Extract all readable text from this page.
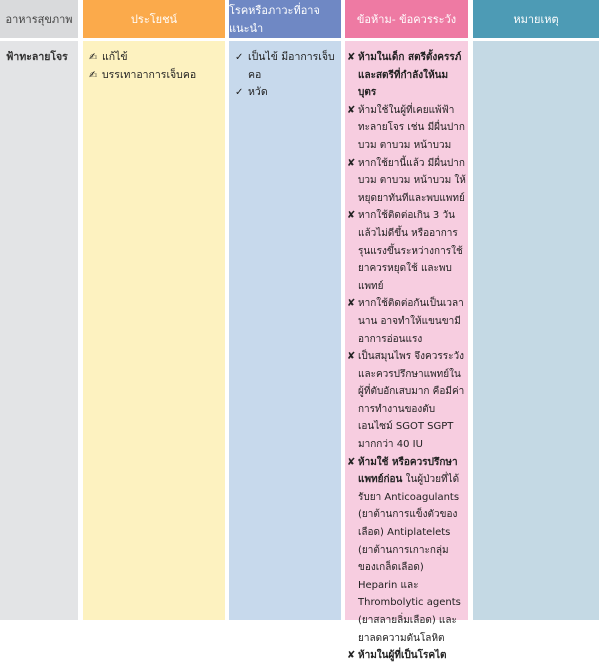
อาหารสุขภาพ
ฟ้าทะลายโจร
ประโยชน์
✍ แก้ไข้
✍ บรรเทาอาการเจ็บคอ
โรคหรือภาวะที่อาจแนะนำ
✓ เป็นไข้ มีอาการเจ็บคอ
✓ หวัด
ข้อห้าม- ข้อควรระวัง
✘ ห้ามในเด็ก สตรีตั้งครรภ์และสตรีที่กำลังให้นมบุตร
✘ ห้ามใช้ในผู้ที่เคยแพ้ฟ้าทะลายโจร เช่น มีผื่นปากบวม ตาบวม หน้าบวม
✘ หากใช้ยานี้แล้ว มีผื่นปากบวม ตาบวม หน้าบวม ให้หยุดยาทันทีและพบแพทย์
✘ หากใช้ติดต่อเกิน 3 วัน แล้วไม่ดีขึ้น หรืออาการรุนแรงขึ้นระหว่างการใช้ยาควรหยุดใช้ และพบแพทย์
✘ หากใช้ติดต่อกันเป็นเวลานาน อาจทำให้แขนขามีอาการอ่อนแรง
✘ เป็นสมุนไพร จึงควรระวังและควรปรึกษาแพทย์ในผู้ที่ตับอักเสบมาก คือมีค่าการทำงานของตับ เอนไซม์ SGOT SGPT มากกว่า 40 IU
✘ ห้ามใช้ หรือควรปรึกษาแพทย์ก่อน ในผู้ป่วยที่ได้รับยา Anticoagulants (ยาต้านการแข็งตัวของเลือด) Antiplatelets (ยาต้านการเกาะกลุ่มของเกล็ดเลือด) Heparin และ Thrombolytic agents (ยาสลายลิ่มเลือด) และยาลดความดันโลหิต
✘ ห้ามในผู้ที่เป็นโรคไต
หมายเหตุ
